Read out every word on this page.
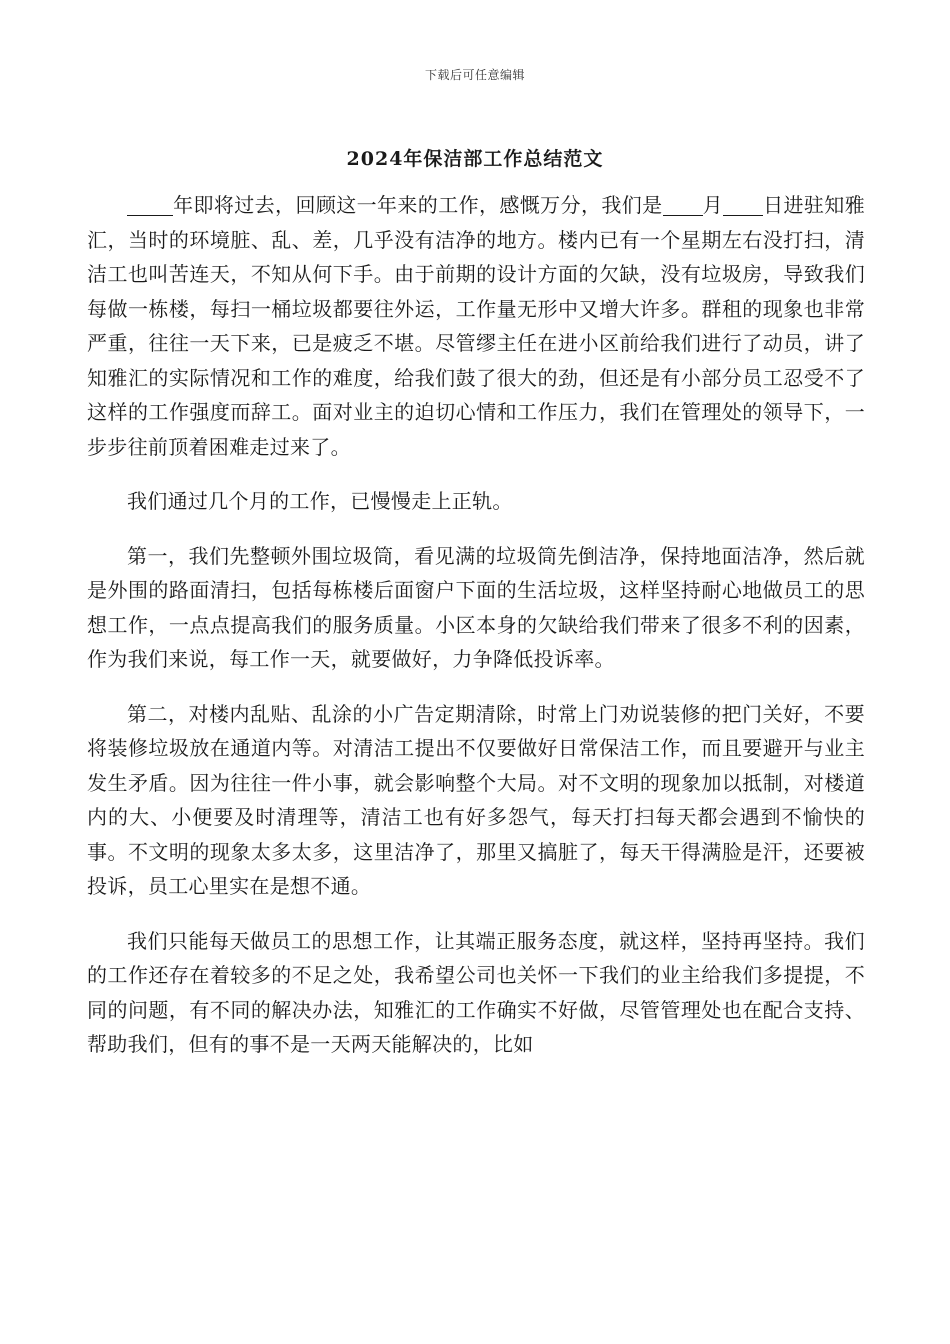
下载后可任意编辑
2024年保洁部工作总结范文

年即将过去，回顾这一年来的工作，感慨万分，我们是 月 日进驻知雅汇，当时的环境脏、乱、差，几乎没有洁净的地方。楼内已有一个星期左右没打扫，清洁工也叫苦连天，不知从何下手。由于前期的设计方面的欠缺，没有垃圾房，导致我们每做一栋楼，每扫一桶垃圾都要往外运，工作量无形中又增大许多。群租的现象也非常严重，往往一天下来，已是疲乏不堪。尽管缪主任在进小区前给我们进行了动员，讲了知雅汇的实际情况和工作的难度，给我们鼓了很大的劲，但还是有小部分员工忍受不了这样的工作强度而辞工。面对业主的迫切心情和工作压力，我们在管理处的领导下，一步步往前顶着困难走过来了。

我们通过几个月的工作，已慢慢走上正轨。

第一，我们先整顿外围垃圾筒，看见满的垃圾筒先倒洁净，保持地面洁净，然后就是外围的路面清扫，包括每栋楼后面窗户下面的生活垃圾，这样坚持耐心地做员工的思想工作，一点点提高我们的服务质量。小区本身的欠缺给我们带来了很多不利的因素，作为我们来说，每工作一天，就要做好，力争降低投诉率。

第二，对楼内乱贴、乱涂的小广告定期清除，时常上门劝说装修的把门关好，不要将装修垃圾放在通道内等。对清洁工提出不仅要做好日常保洁工作，而且要避开与业主发生矛盾。因为往往一件小事，就会影响整个大局。对不文明的现象加以抵制，对楼道内的大、小便要及时清理等，清洁工也有好多怨气，每天打扫每天都会遇到不愉快的事。不文明的现象太多太多，这里洁净了，那里又搞脏了，每天干得满脸是汗，还要被投诉，员工心里实在是想不通。

我们只能每天做员工的思想工作，让其端正服务态度，就这样，坚持再坚持。我们的工作还存在着较多的不足之处，我希望公司也关怀一下我们的业主给我们多提提，不同的问题，有不同的解决办法，知雅汇的工作确实不好做，尽管管理处也在配合支持、帮助我们，但有的事不是一天两天能解决的，比如
